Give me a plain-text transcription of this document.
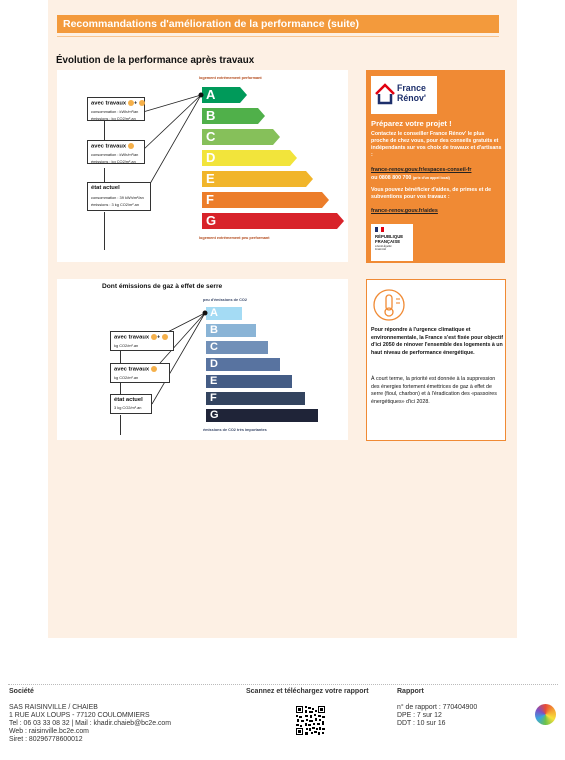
Recommandations d'amélioration de la performance (suite)
Évolution de la performance après travaux
logement extrêmement performant
A
B
C
D
E
F
G
logement extrêmement peu performant
avec travaux +
consommation : kWh/m²/an
émissions : kg CO2/m².an
avec travaux
consommation : kWh/m²/an
émissions : kg CO2/m².an
état actuel
consommation : 39 kWh/m²/an
émissions : 3 kg CO2/m².an
Dont émissions de gaz à effet de serre
peu d'émissions de CO2
A
B
C
D
E
F
G
émissions de CO2 très importantes
avec travaux +
kg CO2/m².an
avec travaux
kg CO2/m².an
état actuel
3 kg CO2/m².an
France
Rénov'
Préparez votre projet !
Contactez le conseiller France Rénov' le plus proche de chez vous, pour des conseils gratuits et indépendants sur vos choix de travaux et d'artisans :
france-renov.gouv.fr/espaces-conseil-fr
ou 0808 800 700 (prix d'un appel local)
Vous pouvez bénéficier d'aides, de primes et de subventions pour vos travaux :
france-renov.gouv.fr/aides
RÉPUBLIQUE
FRANÇAISE
Liberté Égalité Fraternité
Pour répondre à l'urgence climatique et environnementale, la France s'est fixée pour objectif d'ici 2050 de rénover l'ensemble des logements à un haut niveau de performance énergétique.
À court terme, la priorité est donnée à la suppression des énergies fortement émettrices de gaz à effet de serre (fioul, charbon) et à l'éradication des «passoires énergétiques» d'ici 2028.
Société	Scannez et téléchargez votre rapport	Rapport
SAS RAISINVILLE / CHAIEB
1 RUE AUX LOUPS - 77120 COULOMMIERS
Tel : 06 03 33 08 32 | Mail : khadir.chaieb@bc2e.com
Web : raisinville.bc2e.com
Siret : 80296778600012
n° de rapport : 770404900
DPE : 7 sur 12
DDT : 10 sur 16
